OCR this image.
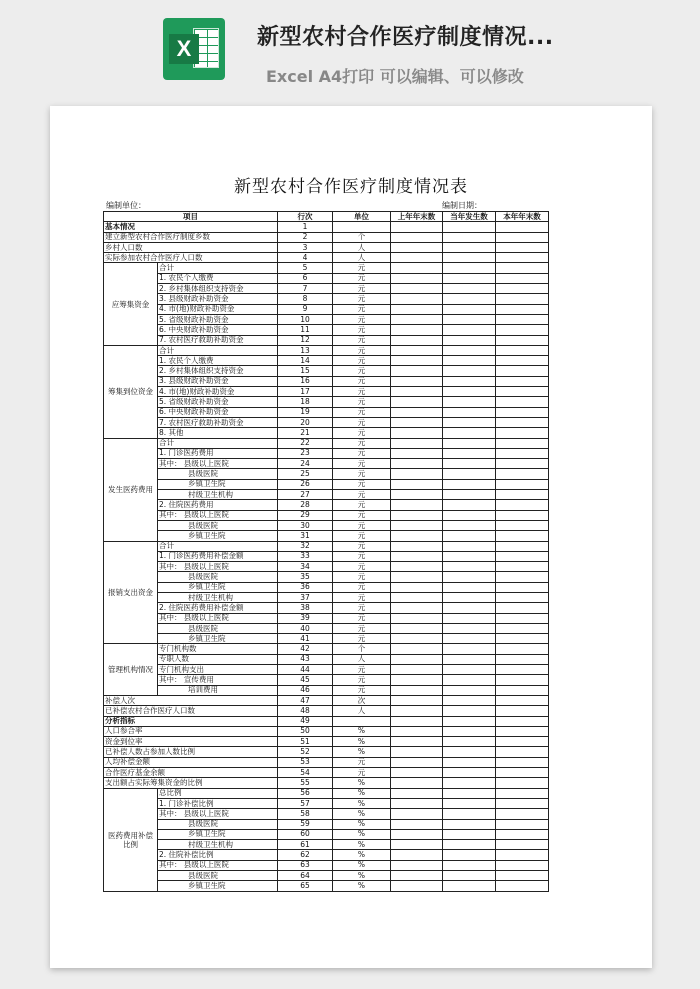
X	新型农村合作医疗制度情况...
Excel A4打印 可以编辑、可以修改
新型农村合作医疗制度情况表
编制单位：	编制日期：
项目		行次	单位	上年年末数	当年发生数	本年年末数
基本情况		1				
建立新型农村合作医疗制度乡数		2	个			
乡村人口数		3	人			
实际参加农村合作医疗人口数		4	人			
应筹集资金	合计	5	元			
	1. 农民个人缴费	6	元			
	2. 乡村集体组织支持资金	7	元			
	3. 县级财政补助资金	8	元			
	4. 市(地)财政补助资金	9	元			
	5. 省级财政补助资金	10	元			
	6. 中央财政补助资金	11	元			
	7. 农村医疗救助补助资金	12	元			
筹集到位资金	合计	13	元			
	1. 农民个人缴费	14	元			
	2. 乡村集体组织支持资金	15	元			
	3. 县级财政补助资金	16	元			
	4. 市(地)财政补助资金	17	元			
	5. 省级财政补助资金	18	元			
	6. 中央财政补助资金	19	元			
	7. 农村医疗救助补助资金	20	元			
	8. 其他	21	元			
发生医药费用	合计	22	元			
	1. 门诊医药费用	23	元			
	其中： 县级以上医院	24	元			
	县级医院	25	元			
	乡镇卫生院	26	元			
	村级卫生机构	27	元			
	2. 住院医药费用	28	元			
	其中： 县级以上医院	29	元			
	县级医院	30	元			
	乡镇卫生院	31	元			
报销支出资金	合计	32	元			
	1. 门诊医药费用补偿金额	33	元			
	其中： 县级以上医院	34	元			
	县级医院	35	元			
	乡镇卫生院	36	元			
	村级卫生机构	37	元			
	2. 住院医药费用补偿金额	38	元			
	其中： 县级以上医院	39	元			
	县级医院	40	元			
	乡镇卫生院	41	元			
管理机构情况	专门机构数	42	个			
	专职人数	43	人			
	专门机构支出	44	元			
	其中： 宣传费用	45	元			
	培训费用	46	元			
补偿人次		47	次			
已补偿农村合作医疗人口数		48	人			
分析指标		49				
人口参合率		50	%			
资金到位率		51	%			
已补偿人数占参加人数比例		52	%			
人均补偿金额		53	元			
合作医疗基金余额		54	元			
支出额占实际筹集资金的比例		55	%			
医药费用补偿比例	总比例	56	%			
	1. 门诊补偿比例	57	%			
	其中： 县级以上医院	58	%			
	县级医院	59	%			
	乡镇卫生院	60	%			
	村级卫生机构	61	%			
	2. 住院补偿比例	62	%			
	其中： 县级以上医院	63	%			
	县级医院	64	%			
	乡镇卫生院	65	%			
